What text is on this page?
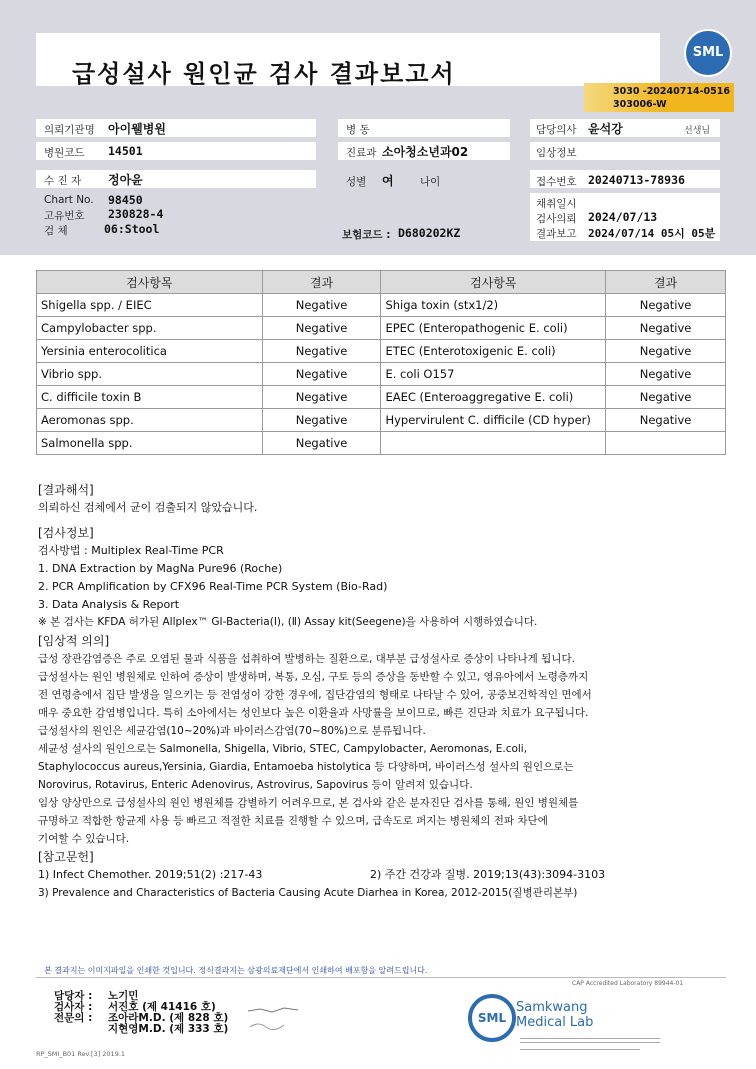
급성설사 원인균 검사 결과보고서
SML
3030 -20240714-0516
303006-W
의뢰기관명 아이웰병원	병 동	담당의사 윤석강	선생님
병원코드 14501	진료과 소아청소년과02	임상정보
수 진 자 정아윤	성별 여	나이	접수번호 20240713-78936
Chart No. 98450
고유번호 230828-4
검 체	06:Stool	보험코드 : D680202KZ
채취일시
검사의뢰 2024/07/13
결과보고 2024/07/14 05시 05분
검사항목	결과	검사항목	결과
Shigella spp. / EIEC	Negative	Shiga toxin (stx1/2)	Negative
Campylobacter spp.	Negative	EPEC (Enteropathogenic E. coli)	Negative
Yersinia enterocolitica	Negative	ETEC (Enterotoxigenic E. coli)	Negative
Vibrio spp.	Negative	E. coli O157	Negative
C. difficile toxin B	Negative	EAEC (Enteroaggregative E. coli)	Negative
Aeromonas spp.	Negative	Hypervirulent C. difficile (CD hyper)	Negative
Salmonella spp.	Negative		
[결과해석]
의뢰하신 검체에서 균이 검출되지 않았습니다.
[검사정보]
검사방법 : Multiplex Real-Time PCR
1. DNA Extraction by MagNa Pure96 (Roche)
2. PCR Amplification by CFX96 Real-Time PCR System (Bio-Rad)
3. Data Analysis & Report
※ 본 검사는 KFDA 허가된 Allplex™ GI-Bacteria(Ⅰ), (Ⅱ) Assay kit(Seegene)을 사용하여 시행하였습니다.
[임상적 의의]
급성 장관감염증은 주로 오염된 물과 식품을 섭취하여 발병하는 질환으로, 대부분 급성설사로 증상이 나타나게 됩니다.
급성설사는 원인 병원체로 인하여 증상이 발생하며, 복통, 오심, 구토 등의 증상을 동반할 수 있고, 영유아에서 노령층까지
전 연령층에서 집단 발생을 일으키는 등 전염성이 강한 경우에, 집단감염의 형태로 나타날 수 있어, 공중보건학적인 면에서
매우 중요한 감염병입니다. 특히 소아에서는 성인보다 높은 이환율과 사망률을 보이므로, 빠른 진단과 치료가 요구됩니다.
급성설사의 원인은 세균감염(10~20%)과 바이러스감염(70~80%)으로 분류됩니다.
세균성 설사의 원인으로는 Salmonella, Shigella, Vibrio, STEC, Campylobacter, Aeromonas, E.coli,
Staphylococcus aureus,Yersinia, Giardia, Entamoeba histolytica 등 다양하며, 바이러스성 설사의 원인으로는
Norovirus, Rotavirus, Enteric Adenovirus, Astrovirus, Sapovirus 등이 알려져 있습니다.
임상 양상만으로 급성설사의 원인 병원체를 감별하기 어려우므로, 본 검사와 같은 분자진단 검사를 통해, 원인 병원체를
규명하고 적합한 항균제 사용 등 빠르고 적절한 치료를 진행할 수 있으며, 급속도로 퍼지는 병원체의 전파 차단에
기여할 수 있습니다.
[참고문헌]
1) Infect Chemother. 2019;51(2) :217-43	2) 주간 건강과 질병. 2019;13(43):3094-3103
3) Prevalence and Characteristics of Bacteria Causing Acute Diarhea in Korea, 2012-2015(질병관리본부)
본 결과지는 이미지파일을 인쇄한 것입니다. 정식결과지는 삼광의료재단에서 인쇄하여 배포함을 알려드립니다.
CAP Accredited Laboratory 89944-01
담당자 :
검사자 :
전문의 :
노기민
서진호 (제 41416 호)
조아라M.D. (제 828 호)
지현영M.D. (제 333 호)
RP_SMI_B01 Rev.[3] 2019.1
SML
Samkwang
Medical Lab
